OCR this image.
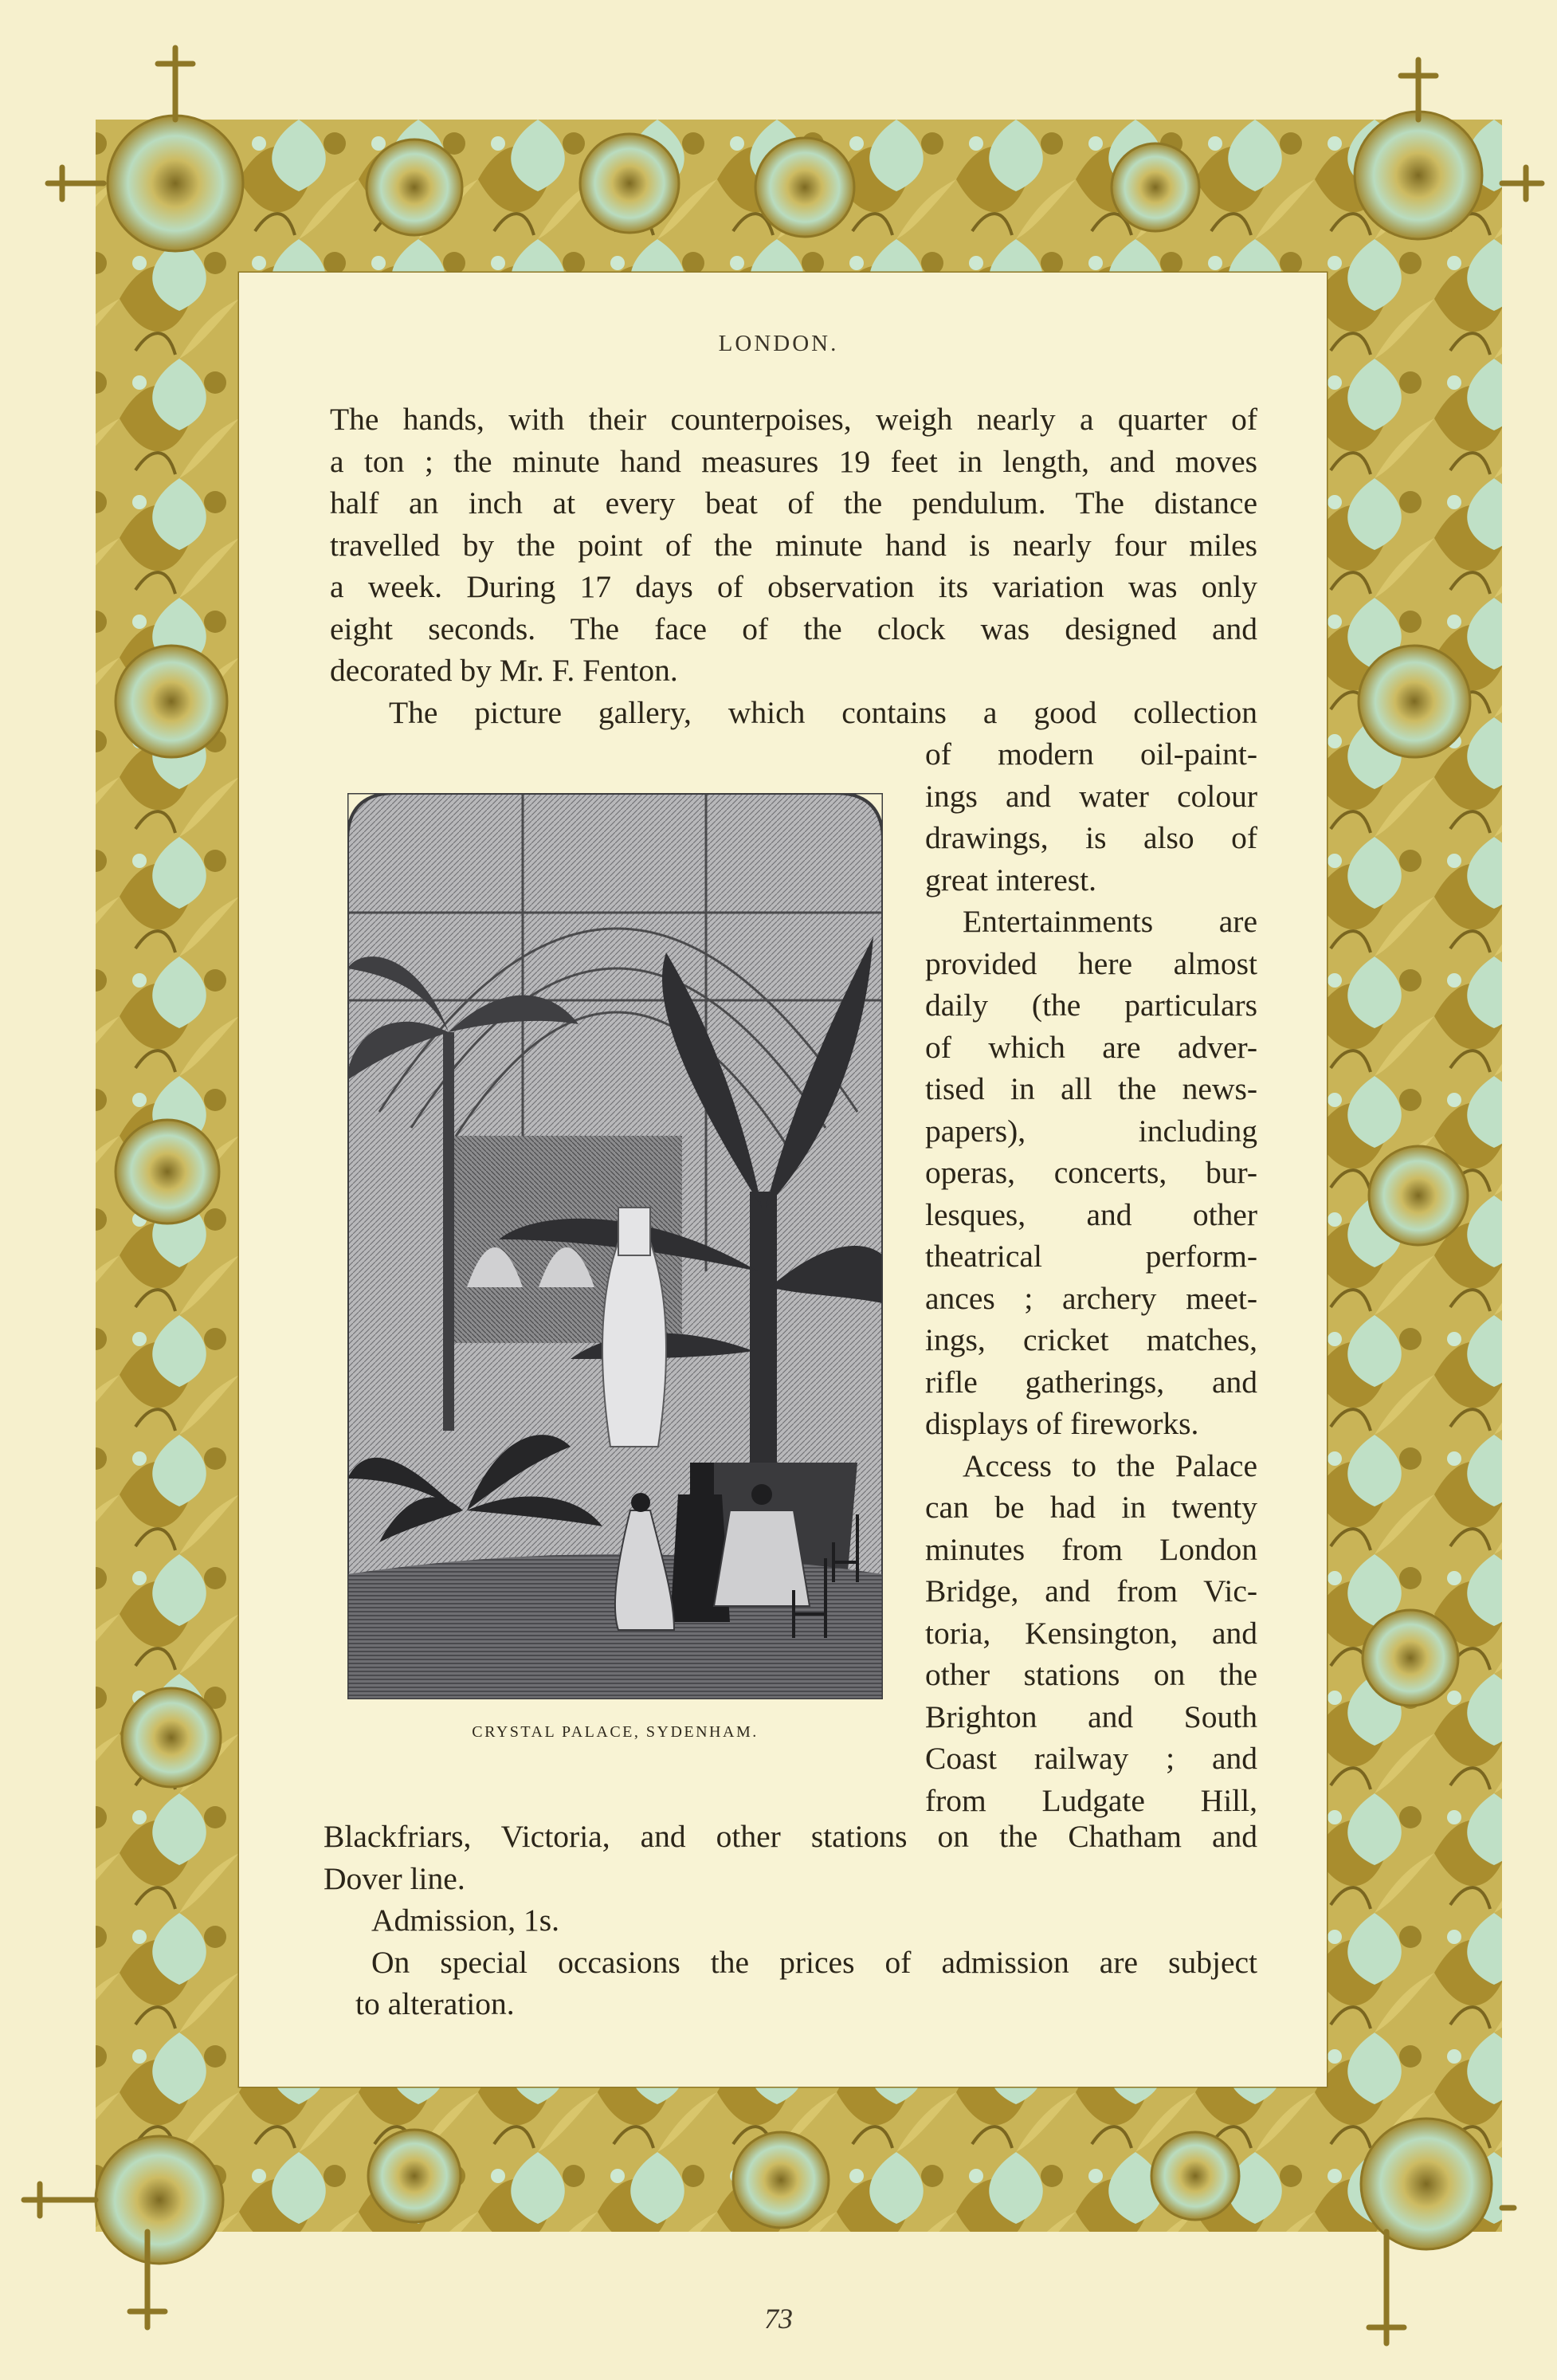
LONDON.
The hands, with their counterpoises, weigh nearly a quarter of
a ton ; the minute hand measures 19 feet in length, and moves
half an inch at every beat of the pendulum. The distance
travelled by the point of the minute hand is nearly four miles
a week. During 17 days of observation its variation was only
eight seconds. The face of the clock was designed and
decorated by Mr. F. Fenton.
The picture gallery, which contains a good collection
of modern oil-paint-
ings and water colour
drawings, is also of
great interest.
Entertainments are
provided here almost
daily (the particulars
of which are adver-
tised in all the news-
papers), including
operas, concerts, bur-
lesques, and other
theatrical perform-
ances ; archery meet-
ings, cricket matches,
rifle gatherings, and
displays of fireworks.
Access to the Palace
can be had in twenty
minutes from London
Bridge, and from Vic-
toria, Kensington, and
other stations on the
Brighton and South
Coast railway ; and
from Ludgate Hill,
Blackfriars, Victoria, and other stations on the Chatham and
Dover line.
Admission, 1s.
On special occasions the prices of admission are subject
to alteration.
CRYSTAL PALACE, SYDENHAM.
73
